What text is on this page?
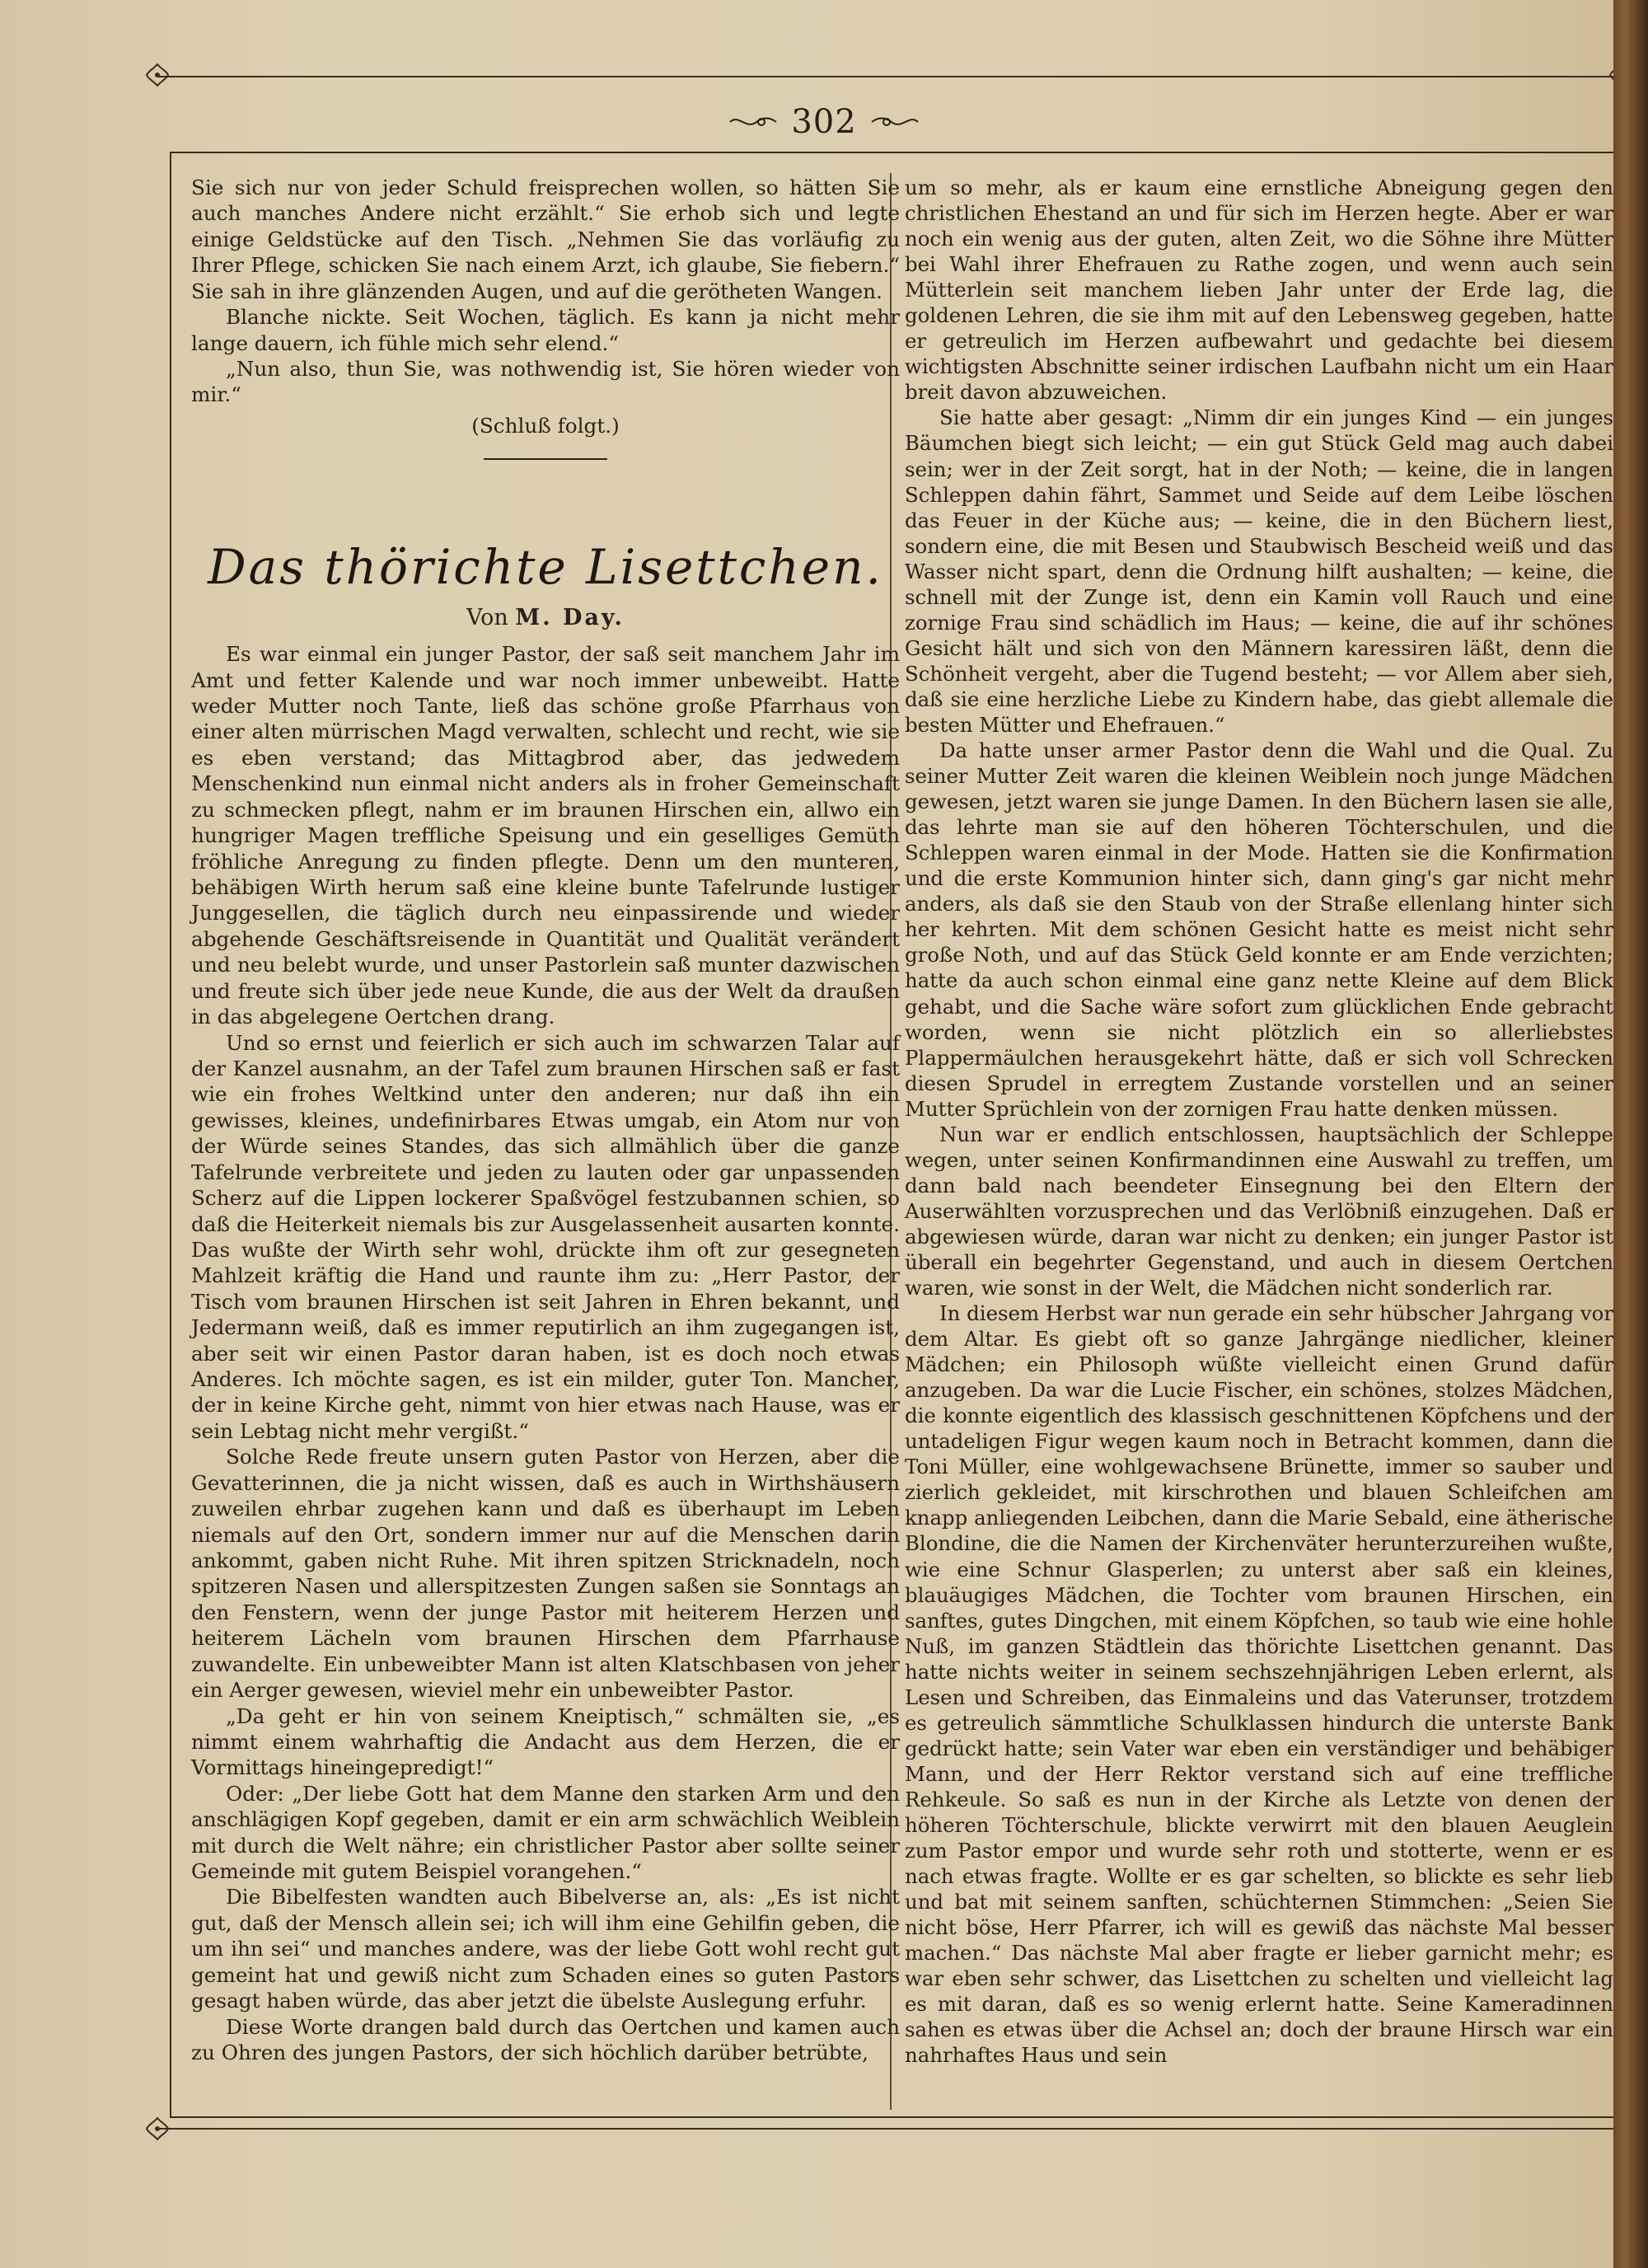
302

Sie sich nur von jeder Schuld freisprechen wollen, so hätten Sie auch manches Andere nicht erzählt.“ Sie erhob sich und legte einige Geldstücke auf den Tisch. „Nehmen Sie das vorläufig zu Ihrer Pflege, schicken Sie nach einem Arzt, ich glaube, Sie fiebern.“ Sie sah in ihre glänzenden Augen, und auf die gerötheten Wangen.

Blanche nickte. Seit Wochen, täglich. Es kann ja nicht mehr lange dauern, ich fühle mich sehr elend.“

„Nun also, thun Sie, was nothwendig ist, Sie hören wieder von mir.“

(Schluß folgt.)

Das thörichte Lisettchen.
Von M. Day.

Es war einmal ein junger Pastor, der saß seit manchem Jahr im Amt und fetter Kalende und war noch immer unbeweibt. Hatte weder Mutter noch Tante, ließ das schöne große Pfarrhaus von einer alten mürrischen Magd verwalten, schlecht und recht, wie sie es eben verstand; das Mittagbrod aber, das jedwedem Menschenkind nun einmal nicht anders als in froher Gemeinschaft zu schmecken pflegt, nahm er im braunen Hirschen ein, allwo ein hungriger Magen treffliche Speisung und ein geselliges Gemüth fröhliche Anregung zu finden pflegte. Denn um den munteren, behäbigen Wirth herum saß eine kleine bunte Tafelrunde lustiger Junggesellen, die täglich durch neu einpassirende und wieder abgehende Geschäftsreisende in Quantität und Qualität verändert und neu belebt wurde, und unser Pastorlein saß munter dazwischen und freute sich über jede neue Kunde, die aus der Welt da draußen in das abgelegene Oertchen drang.

Und so ernst und feierlich er sich auch im schwarzen Talar auf der Kanzel ausnahm, an der Tafel zum braunen Hirschen saß er fast wie ein frohes Weltkind unter den anderen; nur daß ihn ein gewisses, kleines, undefinirbares Etwas umgab, ein Atom nur von der Würde seines Standes, das sich allmählich über die ganze Tafelrunde verbreitete und jeden zu lauten oder gar unpassenden Scherz auf die Lippen lockerer Spaßvögel festzubannen schien, so daß die Heiterkeit niemals bis zur Ausgelassenheit ausarten konnte. Das wußte der Wirth sehr wohl, drückte ihm oft zur gesegneten Mahlzeit kräftig die Hand und raunte ihm zu: „Herr Pastor, der Tisch vom braunen Hirschen ist seit Jahren in Ehren bekannt, und Jedermann weiß, daß es immer reputirlich an ihm zugegangen ist, aber seit wir einen Pastor daran haben, ist es doch noch etwas Anderes. Ich möchte sagen, es ist ein milder, guter Ton. Mancher, der in keine Kirche geht, nimmt von hier etwas nach Hause, was er sein Lebtag nicht mehr vergißt.“

Solche Rede freute unsern guten Pastor von Herzen, aber die Gevatterinnen, die ja nicht wissen, daß es auch in Wirthshäusern zuweilen ehrbar zugehen kann und daß es überhaupt im Leben niemals auf den Ort, sondern immer nur auf die Menschen darin ankommt, gaben nicht Ruhe. Mit ihren spitzen Stricknadeln, noch spitzeren Nasen und allerspitzesten Zungen saßen sie Sonntags an den Fenstern, wenn der junge Pastor mit heiterem Herzen und heiterem Lächeln vom braunen Hirschen dem Pfarrhause zuwandelte. Ein unbeweibter Mann ist alten Klatschbasen von jeher ein Aerger gewesen, wieviel mehr ein unbeweibter Pastor.

„Da geht er hin von seinem Kneiptisch,“ schmälten sie, „es nimmt einem wahrhaftig die Andacht aus dem Herzen, die er Vormittags hineingepredigt!“

Oder: „Der liebe Gott hat dem Manne den starken Arm und den anschlägigen Kopf gegeben, damit er ein arm schwächlich Weiblein mit durch die Welt nähre; ein christlicher Pastor aber sollte seiner Gemeinde mit gutem Beispiel vorangehen.“

Die Bibelfesten wandten auch Bibelverse an, als: „Es ist nicht gut, daß der Mensch allein sei; ich will ihm eine Gehilfin geben, die um ihn sei“ und manches andere, was der liebe Gott wohl recht gut gemeint hat und gewiß nicht zum Schaden eines so guten Pastors gesagt haben würde, das aber jetzt die übelste Auslegung erfuhr.

Diese Worte drangen bald durch das Oertchen und kamen auch zu Ohren des jungen Pastors, der sich höchlich darüber betrübte,

um so mehr, als er kaum eine ernstliche Abneigung gegen den christlichen Ehestand an und für sich im Herzen hegte. Aber er war noch ein wenig aus der guten, alten Zeit, wo die Söhne ihre Mütter bei Wahl ihrer Ehefrauen zu Rathe zogen, und wenn auch sein Mütterlein seit manchem lieben Jahr unter der Erde lag, die goldenen Lehren, die sie ihm mit auf den Lebensweg gegeben, hatte er getreulich im Herzen aufbewahrt und gedachte bei diesem wichtigsten Abschnitte seiner irdischen Laufbahn nicht um ein Haar breit davon abzuweichen.

Sie hatte aber gesagt: „Nimm dir ein junges Kind — ein junges Bäumchen biegt sich leicht; — ein gut Stück Geld mag auch dabei sein; wer in der Zeit sorgt, hat in der Noth; — keine, die in langen Schleppen dahin fährt, Sammet und Seide auf dem Leibe löschen das Feuer in der Küche aus; — keine, die in den Büchern liest, sondern eine, die mit Besen und Staubwisch Bescheid weiß und das Wasser nicht spart, denn die Ordnung hilft aushalten; — keine, die schnell mit der Zunge ist, denn ein Kamin voll Rauch und eine zornige Frau sind schädlich im Haus; — keine, die auf ihr schönes Gesicht hält und sich von den Männern karessiren läßt, denn die Schönheit vergeht, aber die Tugend besteht; — vor Allem aber sieh, daß sie eine herzliche Liebe zu Kindern habe, das giebt allemale die besten Mütter und Ehefrauen.“

Da hatte unser armer Pastor denn die Wahl und die Qual. Zu seiner Mutter Zeit waren die kleinen Weiblein noch junge Mädchen gewesen, jetzt waren sie junge Damen. In den Büchern lasen sie alle, das lehrte man sie auf den höheren Töchterschulen, und die Schleppen waren einmal in der Mode. Hatten sie die Konfirmation und die erste Kommunion hinter sich, dann ging's gar nicht mehr anders, als daß sie den Staub von der Straße ellenlang hinter sich her kehrten. Mit dem schönen Gesicht hatte es meist nicht sehr große Noth, und auf das Stück Geld konnte er am Ende verzichten; hatte da auch schon einmal eine ganz nette Kleine auf dem Blick gehabt, und die Sache wäre sofort zum glücklichen Ende gebracht worden, wenn sie nicht plötzlich ein so allerliebstes Plappermäulchen herausgekehrt hätte, daß er sich voll Schrecken diesen Sprudel in erregtem Zustande vorstellen und an seiner Mutter Sprüchlein von der zornigen Frau hatte denken müssen.

Nun war er endlich entschlossen, hauptsächlich der Schleppe wegen, unter seinen Konfirmandinnen eine Auswahl zu treffen, um dann bald nach beendeter Einsegnung bei den Eltern der Auserwählten vorzusprechen und das Verlöbniß einzugehen. Daß er abgewiesen würde, daran war nicht zu denken; ein junger Pastor ist überall ein begehrter Gegenstand, und auch in diesem Oertchen waren, wie sonst in der Welt, die Mädchen nicht sonderlich rar.

In diesem Herbst war nun gerade ein sehr hübscher Jahrgang vor dem Altar. Es giebt oft so ganze Jahrgänge niedlicher, kleiner Mädchen; ein Philosoph wüßte vielleicht einen Grund dafür anzugeben. Da war die Lucie Fischer, ein schönes, stolzes Mädchen, die konnte eigentlich des klassisch geschnittenen Köpfchens und der untadeligen Figur wegen kaum noch in Betracht kommen, dann die Toni Müller, eine wohlgewachsene Brünette, immer so sauber und zierlich gekleidet, mit kirschrothen und blauen Schleifchen am knapp anliegenden Leibchen, dann die Marie Sebald, eine ätherische Blondine, die die Namen der Kirchenväter herunterzureihen wußte, wie eine Schnur Glasperlen; zu unterst aber saß ein kleines, blauäugiges Mädchen, die Tochter vom braunen Hirschen, ein sanftes, gutes Dingchen, mit einem Köpfchen, so taub wie eine hohle Nuß, im ganzen Städtlein das thörichte Lisettchen genannt. Das hatte nichts weiter in seinem sechszehnjährigen Leben erlernt, als Lesen und Schreiben, das Einmaleins und das Vaterunser, trotzdem es getreulich sämmtliche Schulklassen hindurch die unterste Bank gedrückt hatte; sein Vater war eben ein verständiger und behäbiger Mann, und der Herr Rektor verstand sich auf eine treffliche Rehkeule. So saß es nun in der Kirche als Letzte von denen der höheren Töchterschule, blickte verwirrt mit den blauen Aeuglein zum Pastor empor und wurde sehr roth und stotterte, wenn er es nach etwas fragte. Wollte er es gar schelten, so blickte es sehr lieb und bat mit seinem sanften, schüchternen Stimmchen: „Seien Sie nicht böse, Herr Pfarrer, ich will es gewiß das nächste Mal besser machen.“ Das nächste Mal aber fragte er lieber garnicht mehr; es war eben sehr schwer, das Lisettchen zu schelten und vielleicht lag es mit daran, daß es so wenig erlernt hatte. Seine Kameradinnen sahen es etwas über die Achsel an; doch der braune Hirsch war ein nahrhaftes Haus und sein
